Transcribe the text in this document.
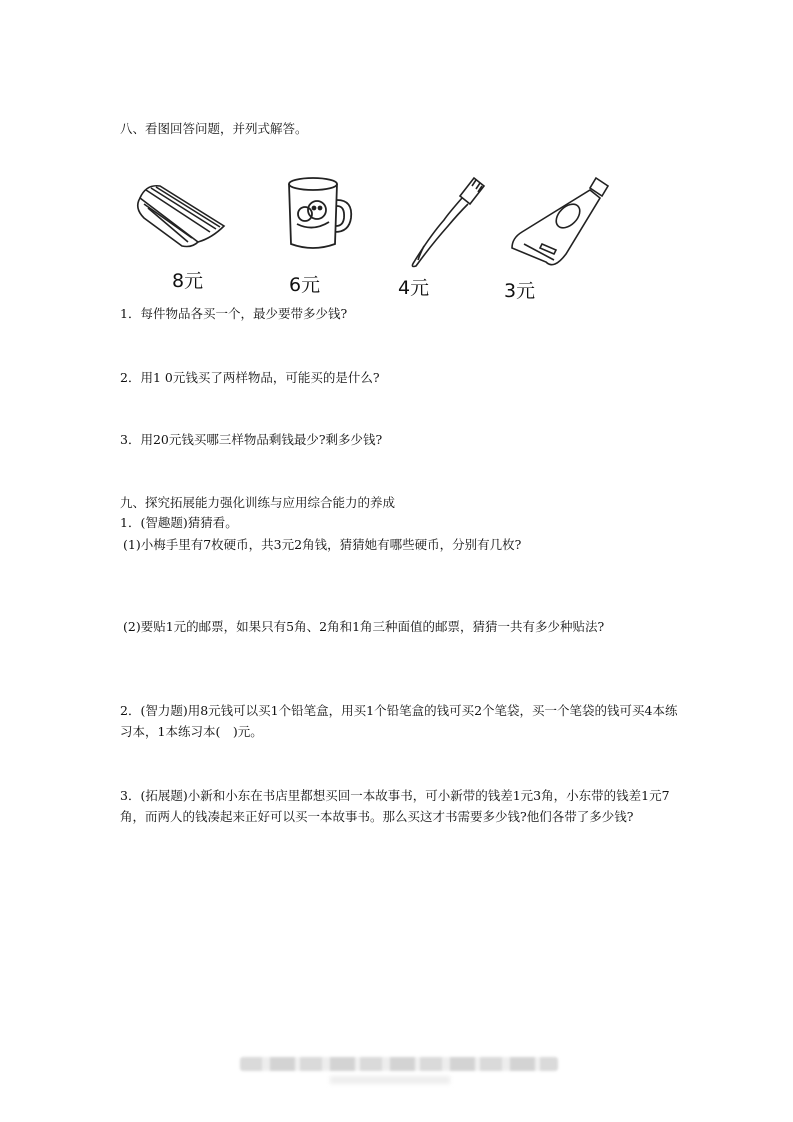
八、看图回答问题，并列式解答。
8元	6元	4元	3元
1．每件物品各买一个，最少要带多少钱?
2．用1 0元钱买了两样物品，可能买的是什么?
3．用20元钱买哪三样物品剩钱最少?剩多少钱?
九、探究拓展能力强化训练与应用综合能力的养成
1．(智趣题)猜猜看。
(1)小梅手里有7枚硬币，共3元2角钱，猜猜她有哪些硬币，分别有几枚?
(2)要贴1元的邮票，如果只有5角、2角和1角三种面值的邮票，猜猜一共有多少种贴法?
2．(智力题)用8元钱可以买1个铅笔盒，用买1个铅笔盒的钱可买2个笔袋，买一个笔袋的钱可买4本练习本，1本练习本(　)元。
3．(拓展题)小新和小东在书店里都想买回一本故事书，可小新带的钱差1元3角，小东带的钱差1元7角，而两人的钱凑起来正好可以买一本故事书。那么买这才书需要多少钱?他们各带了多少钱?
